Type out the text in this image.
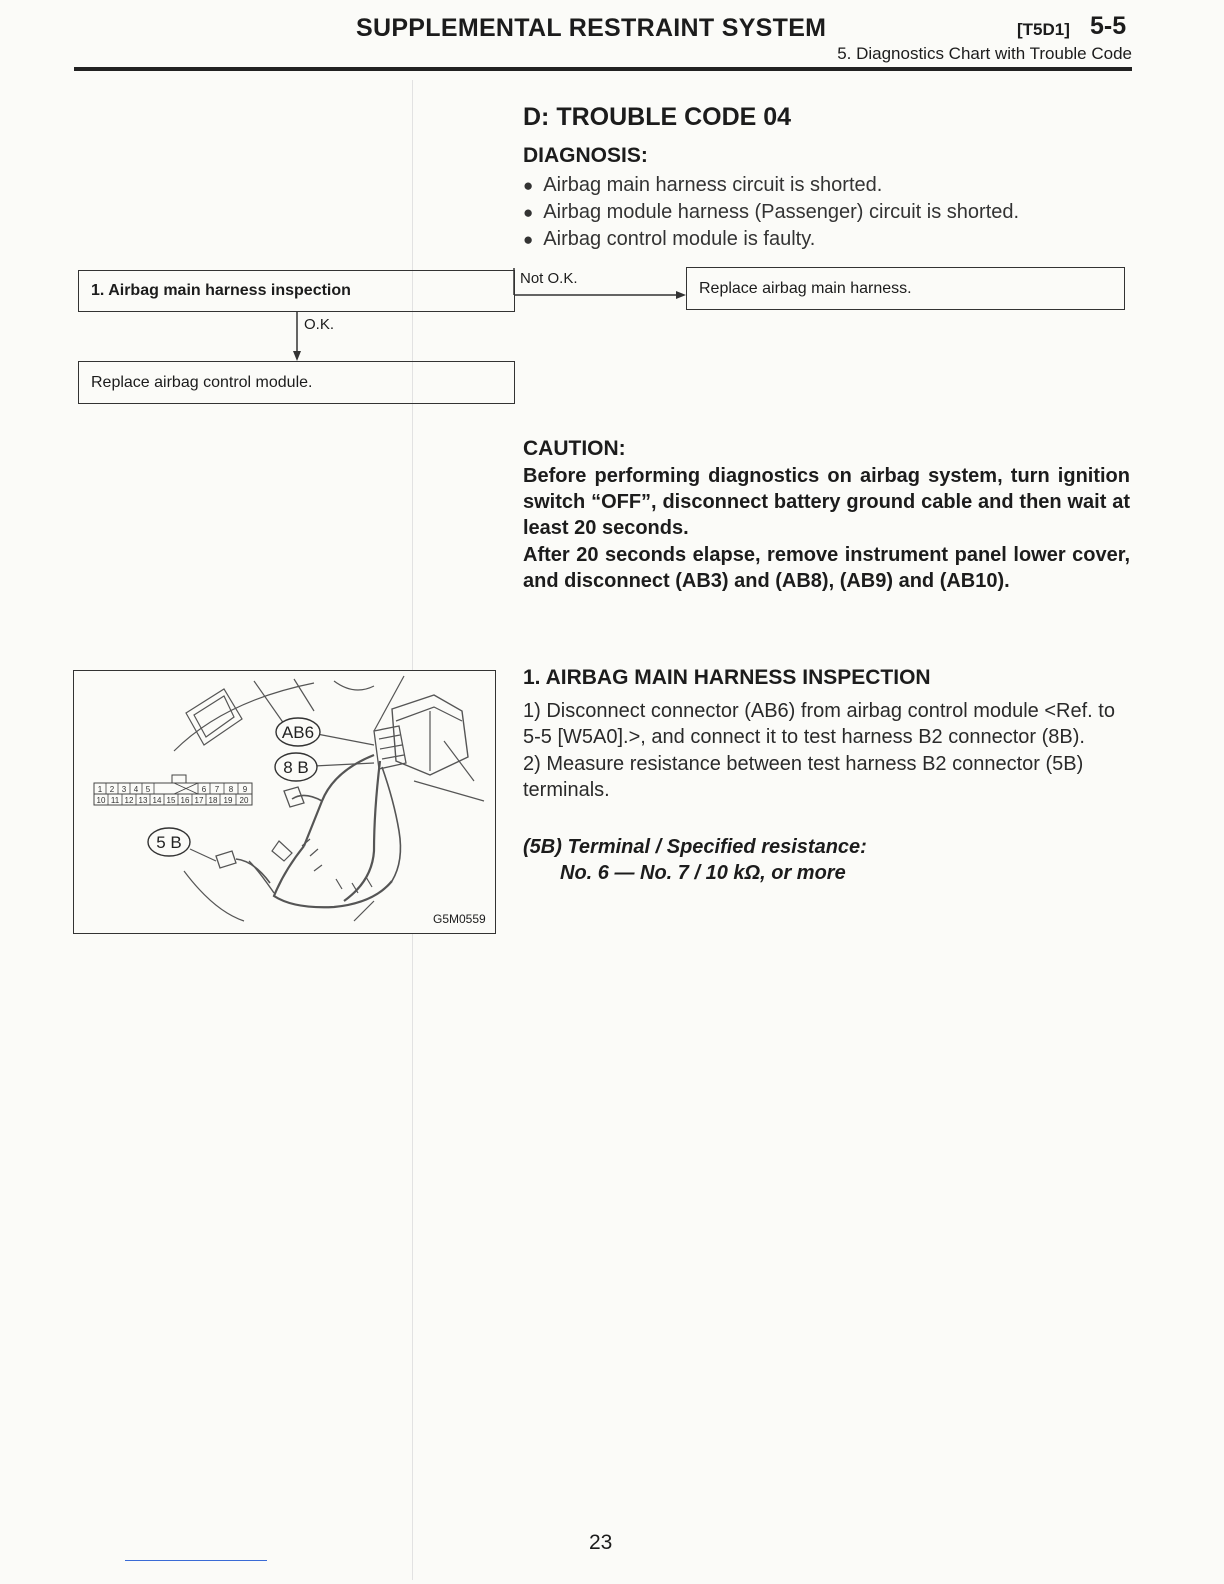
SUPPLEMENTAL RESTRAINT SYSTEM	[T5D1] 5-5
5. Diagnostics Chart with Trouble Code
D: TROUBLE CODE 04
DIAGNOSIS:
● Airbag main harness circuit is shorted.
● Airbag module harness (Passenger) circuit is shorted.
● Airbag control module is faulty.
1. Airbag main harness inspection	Replace airbag main harness.
Replace airbag control module.
Not O.K.
O.K.
CAUTION:
Before performing diagnostics on airbag system, turn ignition switch “OFF”, disconnect battery ground cable and then wait at least 20 seconds.
After 20 seconds elapse, remove instrument panel lower cover, and disconnect (AB3) and (AB8), (AB9) and (AB10).
1 2 3 4 5	6 7 8 9
10 11 12 13 14 15 16 17 18 19 20
AB6
8 B
5 B
G5M0559
1. AIRBAG MAIN HARNESS INSPECTION

1) Disconnect connector (AB6) from airbag control module <Ref. to 5-5 [W5A0].>, and connect it to test harness B2 connector (8B).

2) Measure resistance between test harness B2 connector (5B) terminals.

(5B) Terminal / Specified resistance:
No. 6 — No. 7 / 10 kΩ, or more
23
